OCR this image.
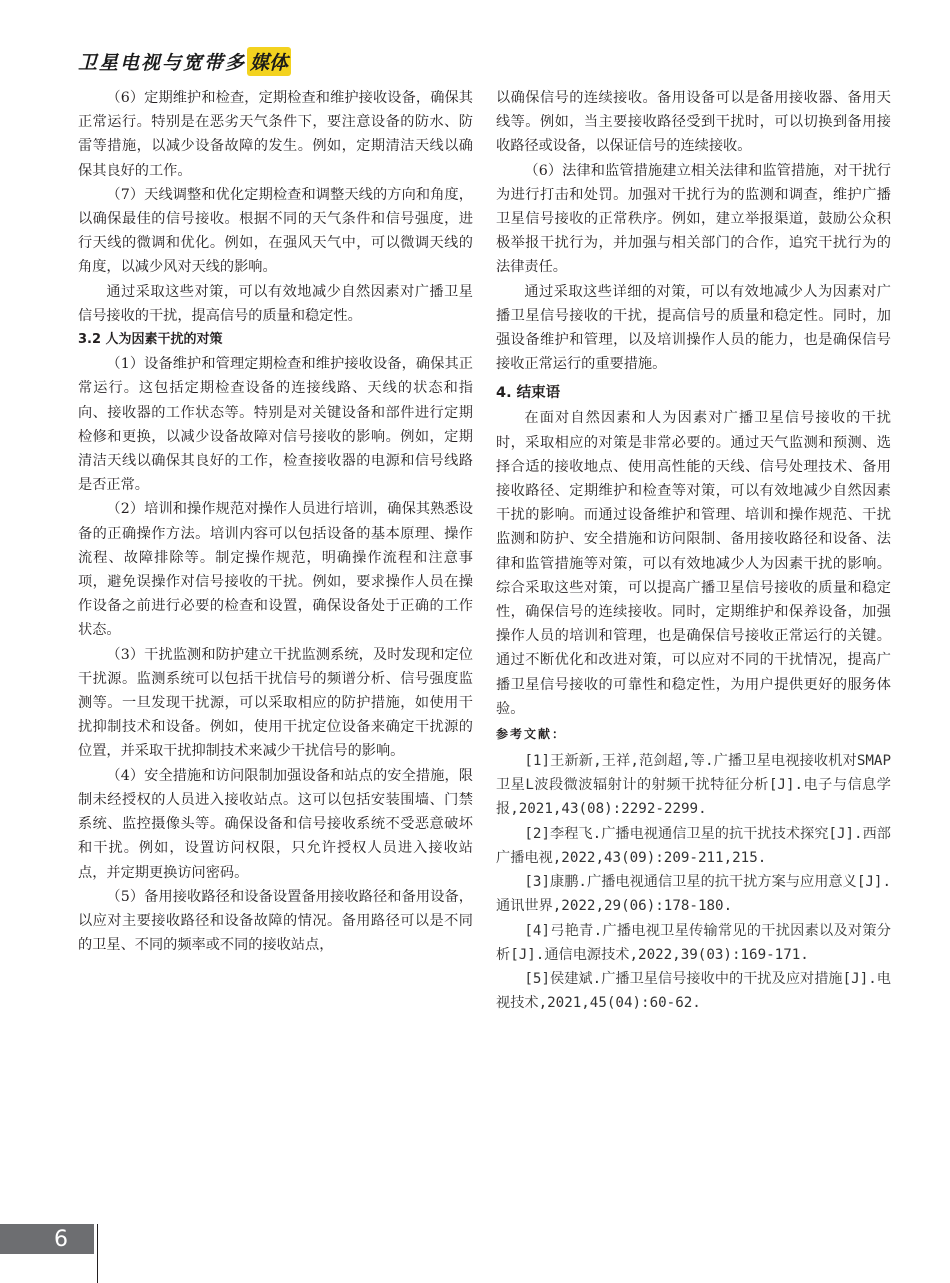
卫星电视与宽带多 媒体

（6）定期维护和检查，定期检查和维护接收设备，确保其正常运行。特别是在恶劣天气条件下，要注意设备的防水、防雷等措施，以减少设备故障的发生。例如，定期清洁天线以确保其良好的工作。

（7）天线调整和优化定期检查和调整天线的方向和角度，以确保最佳的信号接收。根据不同的天气条件和信号强度，进行天线的微调和优化。例如，在强风天气中，可以微调天线的角度，以减少风对天线的影响。

通过采取这些对策，可以有效地减少自然因素对广播卫星信号接收的干扰，提高信号的质量和稳定性。

3.2 人为因素干扰的对策

（1）设备维护和管理定期检查和维护接收设备，确保其正常运行。这包括定期检查设备的连接线路、天线的状态和指向、接收器的工作状态等。特别是对关键设备和部件进行定期检修和更换，以减少设备故障对信号接收的影响。例如，定期清洁天线以确保其良好的工作，检查接收器的电源和信号线路是否正常。

（2）培训和操作规范对操作人员进行培训，确保其熟悉设备的正确操作方法。培训内容可以包括设备的基本原理、操作流程、故障排除等。制定操作规范，明确操作流程和注意事项，避免误操作对信号接收的干扰。例如，要求操作人员在操作设备之前进行必要的检查和设置，确保设备处于正确的工作状态。

（3）干扰监测和防护建立干扰监测系统，及时发现和定位干扰源。监测系统可以包括干扰信号的频谱分析、信号强度监测等。一旦发现干扰源，可以采取相应的防护措施，如使用干扰抑制技术和设备。例如，使用干扰定位设备来确定干扰源的位置，并采取干扰抑制技术来减少干扰信号的影响。

（4）安全措施和访问限制加强设备和站点的安全措施，限制未经授权的人员进入接收站点。这可以包括安装围墙、门禁系统、监控摄像头等。确保设备和信号接收系统不受恶意破坏和干扰。例如，设置访问权限，只允许授权人员进入接收站点，并定期更换访问密码。

（5）备用接收路径和设备设置备用接收路径和备用设备，以应对主要接收路径和设备故障的情况。备用路径可以是不同的卫星、不同的频率或不同的接收站点，

以确保信号的连续接收。备用设备可以是备用接收器、备用天线等。例如，当主要接收路径受到干扰时，可以切换到备用接收路径或设备，以保证信号的连续接收。

（6）法律和监管措施建立相关法律和监管措施，对干扰行为进行打击和处罚。加强对干扰行为的监测和调查，维护广播卫星信号接收的正常秩序。例如，建立举报渠道，鼓励公众积极举报干扰行为，并加强与相关部门的合作，追究干扰行为的法律责任。

通过采取这些详细的对策，可以有效地减少人为因素对广播卫星信号接收的干扰，提高信号的质量和稳定性。同时，加强设备维护和管理，以及培训操作人员的能力，也是确保信号接收正常运行的重要措施。

4. 结束语

在面对自然因素和人为因素对广播卫星信号接收的干扰时，采取相应的对策是非常必要的。通过天气监测和预测、选择合适的接收地点、使用高性能的天线、信号处理技术、备用接收路径、定期维护和检查等对策，可以有效地减少自然因素干扰的影响。而通过设备维护和管理、培训和操作规范、干扰监测和防护、安全措施和访问限制、备用接收路径和设备、法律和监管措施等对策，可以有效地减少人为因素干扰的影响。综合采取这些对策，可以提高广播卫星信号接收的质量和稳定性，确保信号的连续接收。同时，定期维护和保养设备，加强操作人员的培训和管理，也是确保信号接收正常运行的关键。通过不断优化和改进对策，可以应对不同的干扰情况，提高广播卫星信号接收的可靠性和稳定性，为用户提供更好的服务体验。

参考文献：

[1]王新新,王祥,范剑超,等.广播卫星电视接收机对SMAP卫星L波段微波辐射计的射频干扰特征分析[J].电子与信息学报,2021,43(08):2292-2299.

[2]李程飞.广播电视通信卫星的抗干扰技术探究[J].西部广播电视,2022,43(09):209-211,215.

[3]康鹏.广播电视通信卫星的抗干扰方案与应用意义[J].通讯世界,2022,29(06):178-180.

[4]弓艳青.广播电视卫星传输常见的干扰因素以及对策分析[J].通信电源技术,2022,39(03):169-171.

[5]侯建斌.广播卫星信号接收中的干扰及应对措施[J].电视技术,2021,45(04):60-62.

6
